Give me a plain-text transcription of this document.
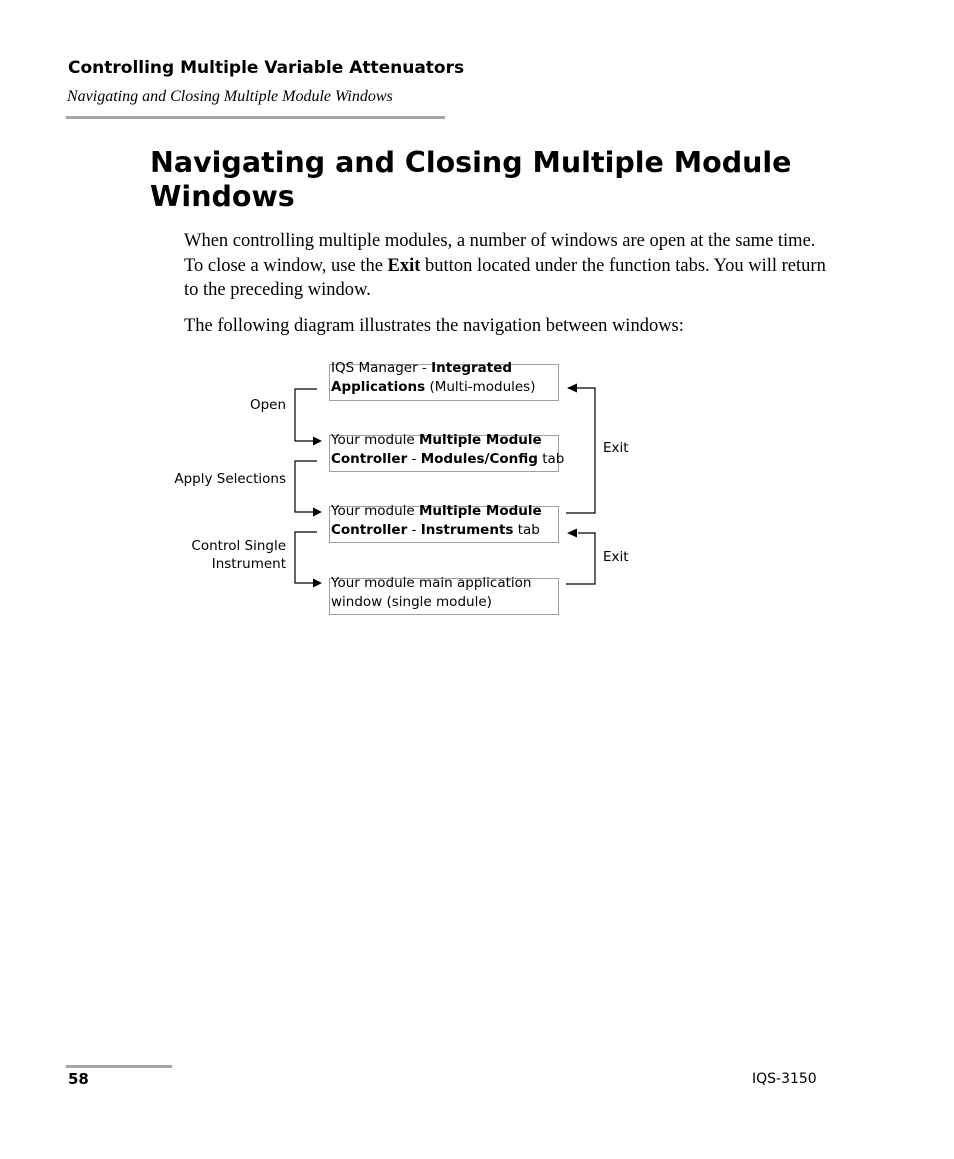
Controlling Multiple Variable Attenuators
Navigating and Closing Multiple Module Windows
Navigating and Closing Multiple Module
Windows

When controlling multiple modules, a number of windows are open at the same time. To close a window, use the Exit button located under the function tabs. You will return to the preceding window.

The following diagram illustrates the navigation between windows:

IQS Manager - Integrated
Applications (Multi-modules)
Your module Multiple Module
Controller - Modules/Config tab
Your module Multiple Module
Controller - Instruments tab
Your module main application
window (single module)
Open
Apply Selections
Control Single
Instrument
Exit
Exit
58	IQS-3150
